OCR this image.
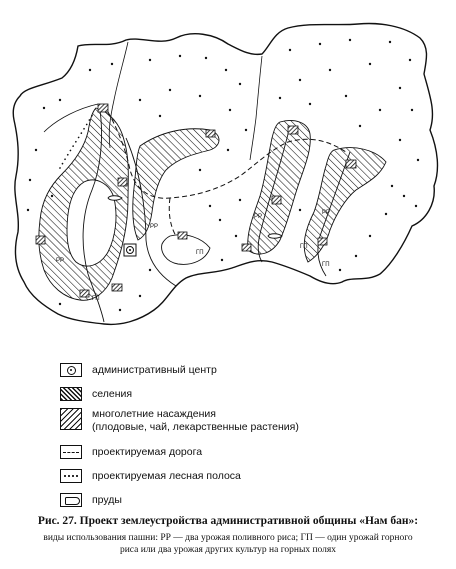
РР
РР
РР
РР
ГП
ГП
ГП
ГП
административный центр
селения
многолетние насаждения
(плодовые, чай, лекарственные растения)
проектируемая дорога
проектируемая лесная полоса
пруды
Рис. 27. Проект землеустройства административной общины «Нам бан»:
виды использования пашни: РР — два урожая поливного риса; ГП — один урожай горного
риса или два урожая других культур на горных полях
